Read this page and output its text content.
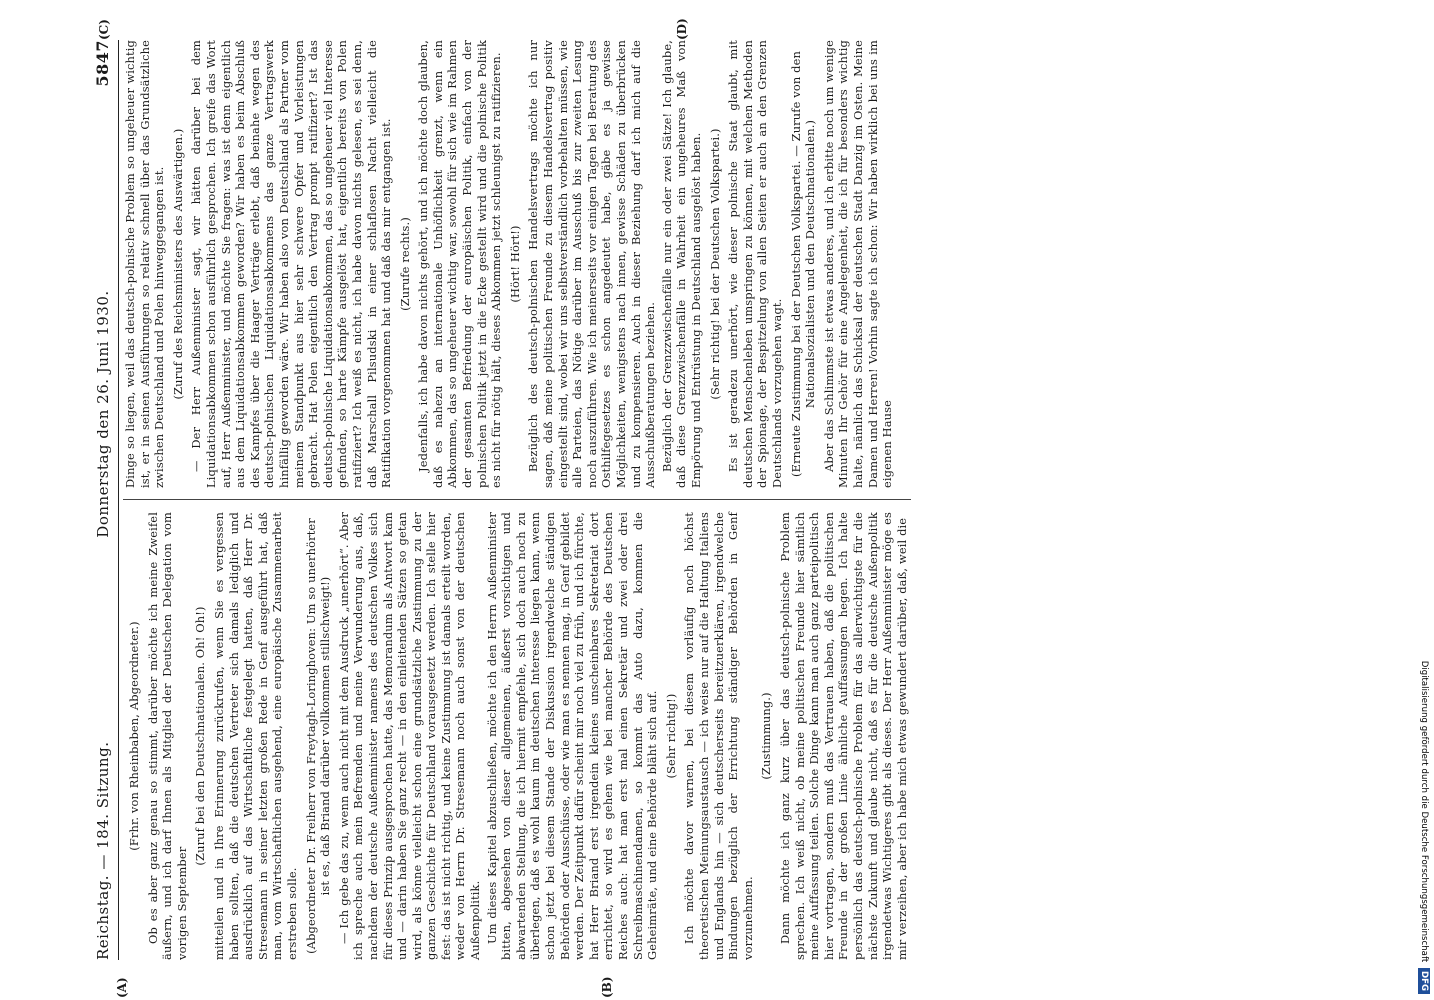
Reichstag. — 184. Sitzung.
Donnerstag den 26. Juni 1930.
5847

(Frhr. von Rheinbaben, Abgeordneter.) Ob es aber ganz genau so stimmt, darüber möchte ich meine Zweifel äußern, und ich darf Ihnen als Mitglied der Deutschen Delegation vom vorigen September

(Zuruf bei den Deutschnationalen. Oh! Oh!) mitteilen und in Ihre Erinnerung zurückrufen, wenn Sie es vergessen haben sollten, daß die deutschen Vertreter sich damals lediglich und ausdrücklich auf das Wirtschaftliche festgelegt hatten, daß Herr Dr. Stresemann in seiner letzten großen Rede in Genf ausgeführt hat, daß man, vom Wirtschaftlichen ausgehend, eine europäische Zusammenarbeit erstreben solle. (Abgeordneter Dr. Freiherr von Freytagh-Loringhoven: Um so unerhörter ist es, daß Briand darüber vollkommen stillschweigt!) — Ich gebe das zu, wenn auch nicht mit dem Ausdruck „unerhört“. Aber ich spreche auch mein Befremden und meine Verwunderung aus, daß, nachdem der deutsche Außenminister namens des deutschen Volkes sich für dieses Prinzip ausgesprochen hatte, das Memorandum als Antwort kam und — darin haben Sie ganz recht — in den einleitenden Sätzen so getan wird, als könne vielleicht schon eine grundsätzliche Zustimmung zu der ganzen Geschichte für Deutschland vorausgesetzt werden. Ich stelle hier fest: das ist nicht richtig, und keine Zustimmung ist damals erteilt worden, weder von Herrn Dr. Stresemann noch auch sonst von der deutschen Außenpolitik. Um dieses Kapitel abzuschließen, möchte ich den Herrn Außenminister bitten, abgesehen von dieser allgemeinen, äußerst vorsichtigen und abwartenden Stellung, die ich hiermit empfehle, sich doch auch noch zu überlegen, daß es wohl kaum im deutschen Interesse liegen kann, wenn schon jetzt bei diesem Stande der Diskussion irgendwelche ständigen Behörden oder Ausschüsse, oder wie man es nennen mag, in Genf gebildet werden. Der Zeitpunkt dafür scheint mir noch viel zu früh, und ich fürchte, hat Herr Briand erst irgendein kleines unscheinbares Sekretariat dort errichtet, so wird es gehen wie bei mancher Behörde des Deutschen Reiches auch: hat man erst mal einen Sekretär und zwei oder drei Schreibmaschinendamen, so kommt das Auto dazu, kommen die Geheimräte, und eine Behörde bläht sich auf. (Sehr richtig!) Ich möchte davor warnen, bei diesem vorläufig noch höchst theoretischen Meinungsaustausch — ich weise nur auf die Haltung Italiens und Englands hin — sich deutscherseits bereitzuerklären, irgendwelche Bindungen bezüglich der Errichtung ständiger Behörden in Genf vorzunehmen.

(Zustimmung.) Dann möchte ich ganz kurz über das deutsch-polnische Problem sprechen. Ich weiß nicht, ob meine politischen Freunde hier sämtlich meine Auffassung teilen. Solche Dinge kann man auch ganz parteipolitisch hier vortragen, sondern muß das Vertrauen haben, daß die politischen Freunde in der großen Linie ähnliche Auffassungen hegen. Ich halte persönlich das deutsch-polnische Problem für das allerwichtigste für die nächste Zukunft und glaube nicht, daß es für die deutsche Außenpolitik irgendetwas Wichtigeres gibt als dieses. Der Herr Außenminister möge es mir verzeihen, aber ich habe mich etwas gewundert darüber, daß, weil die

Dinge so liegen, weil das deutsch-polnische Problem so ungeheuer wichtig ist, er in seinen Ausführungen so relativ schnell über das Grundsätzliche zwischen Deutschland und Polen hinweggegangen ist. (Zuruf des Reichsministers des Auswärtigen.) — Der Herr Außenminister sagt, wir hätten darüber bei dem Liquidationsabkommen schon ausführlich gesprochen. Ich greife das Wort auf, Herr Außenminister, und möchte Sie fragen: was ist denn eigentlich aus dem Liquidationsabkommen geworden? Wir haben es beim Abschluß des Kampfes über die Haager Verträge erlebt, daß beinahe wegen des deutsch-polnischen Liquidationsabkommens das ganze Vertragswerk hinfällig geworden wäre. Wir haben also von Deutschland als Partner vom meinem Standpunkt aus hier sehr schwere Opfer und Vorleistungen gebracht. Hat Polen eigentlich den Vertrag prompt ratifiziert? Ist das deutsch-polnische Liquidationsabkommen, das so ungeheuer viel Interesse gefunden, so harte Kämpfe ausgelöst hat, eigentlich bereits von Polen ratifiziert? Ich weiß es nicht, ich habe davon nichts gelesen, es sei denn, daß Marschall Pilsudski in einer schlaflosen Nacht vielleicht die Ratifikation vorgenommen hat und daß das mir entgangen ist. (Zurufe rechts.) Jedenfalls, ich habe davon nichts gehört, und ich möchte doch glauben, daß es nahezu an internationale Unhöflichkeit grenzt, wenn ein Abkommen, das so ungeheuer wichtig war, sowohl für sich wie im Rahmen der gesamten Befriedung der europäischen Politik, einfach von der polnischen Politik jetzt in die Ecke gestellt wird und die polnische Politik es nicht für nötig hält, dieses Abkommen jetzt schleunigst zu ratifizieren. (Hört! Hört!) Bezüglich des deutsch-polnischen Handelsvertrags möchte ich nur sagen, daß meine politischen Freunde zu diesem Handelsvertrag positiv eingestellt sind, wobei wir uns selbstverständlich vorbehalten müssen, wie alle Parteien, das Nötige darüber im Ausschuß bis zur zweiten Lesung noch auszuführen. Wie ich meinerseits vor einigen Tagen bei Beratung des Osthilfegesetzes es schon angedeutet habe, gäbe es ja gewisse Möglichkeiten, wenigstens nach innen, gewisse Schäden zu überbrücken und zu kompensieren. Auch in dieser Beziehung darf ich mich auf die Ausschußberatungen beziehen. Bezüglich der Grenzzwischenfälle nur ein oder zwei Sätze! Ich glaube, daß diese Grenzzwischenfälle in Wahrheit ein ungeheures Maß von Empörung und Entrüstung in Deutschland ausgelöst haben. (Sehr richtig! bei der Deutschen Volkspartei.) Es ist geradezu unerhört, wie dieser polnische Staat glaubt, mit deutschen Menschenleben umspringen zu können, mit welchen Methoden der Spionage, der Bespitzelung von allen Seiten er auch an den Grenzen Deutschlands vorzugehen wagt. (Erneute Zustimmung bei der Deutschen Volkspartei. — Zurufe von den Nationalsozialisten und den Deutschnationalen.) Aber das Schlimmste ist etwas anderes, und ich erbitte noch um wenige Minuten Ihr Gehör für eine Angelegenheit, die ich für besonders wichtig halte, nämlich das Schicksal der deutschen Stadt Danzig im Osten. Meine Damen und Herren! Vorhin sagte ich schon: Wir haben wirklich bei uns im eigenen Hause

(A)	(B)
(C)	(D)
Digitalisierung gefördert durch die Deutsche Forschungsgemeinschaft DFG
